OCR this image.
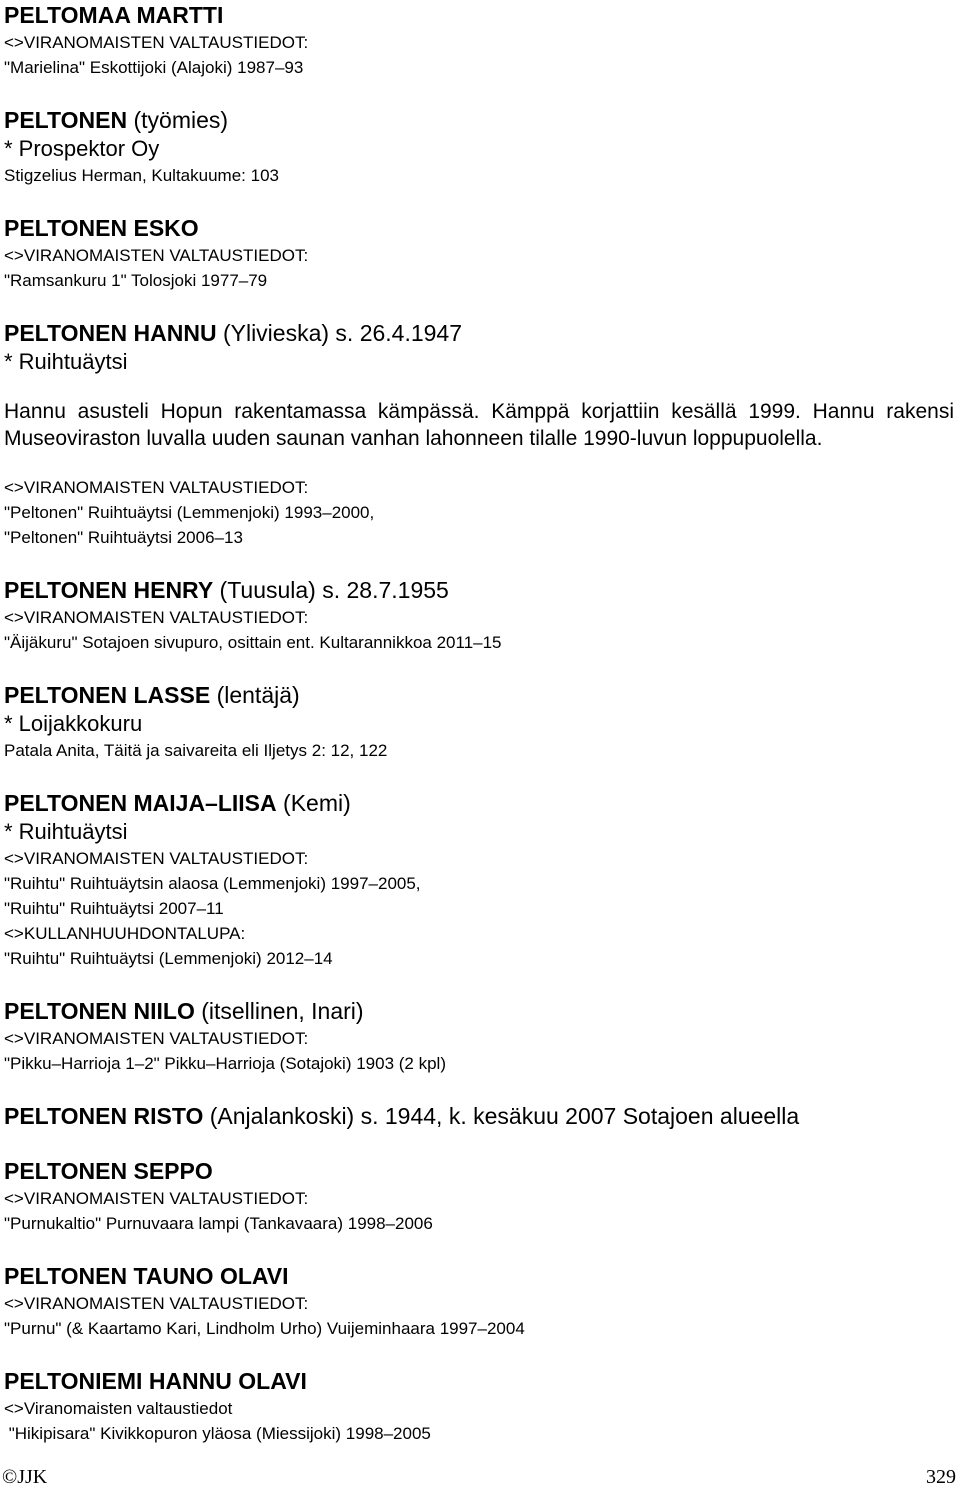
PELTOMAA MARTTI
<>VIRANOMAISTEN VALTAUSTIEDOT:
"Marielina" Eskottijoki (Alajoki) 1987–93
PELTONEN (työmies)
* Prospektor Oy
Stigzelius Herman, Kultakuume: 103
PELTONEN ESKO
<>VIRANOMAISTEN VALTAUSTIEDOT:
"Ramsankuru 1" Tolosjoki 1977–79
PELTONEN HANNU (Ylivieska) s. 26.4.1947
* Ruihtuäytsi
Hannu asusteli Hopun rakentamassa kämpässä. Kämppä korjattiin kesällä 1999. Hannu rakensi Museoviraston luvalla uuden saunan vanhan lahonneen tilalle 1990-luvun loppupuolella.
<>VIRANOMAISTEN VALTAUSTIEDOT:
"Peltonen" Ruihtuäytsi (Lemmenjoki) 1993–2000,
"Peltonen" Ruihtuäytsi 2006–13
PELTONEN HENRY (Tuusula) s. 28.7.1955
<>VIRANOMAISTEN VALTAUSTIEDOT:
"Äijäkuru" Sotajoen sivupuro, osittain ent. Kultarannikkoa 2011–15
PELTONEN LASSE (lentäjä)
* Loijakkokuru
Patala Anita, Täitä ja saivareita eli Iljetys 2: 12, 122
PELTONEN MAIJA–LIISA (Kemi)
* Ruihtuäytsi
<>VIRANOMAISTEN VALTAUSTIEDOT:
"Ruihtu" Ruihtuäytsin alaosa (Lemmenjoki) 1997–2005,
"Ruihtu" Ruihtuäytsi 2007–11
<>KULLANHUUHDONTALUPA:
"Ruihtu" Ruihtuäytsi (Lemmenjoki) 2012–14
PELTONEN NIILO (itsellinen, Inari)
<>VIRANOMAISTEN VALTAUSTIEDOT:
"Pikku–Harrioja 1–2" Pikku–Harrioja (Sotajoki) 1903 (2 kpl)
PELTONEN RISTO (Anjalankoski) s. 1944, k. kesäkuu 2007 Sotajoen alueella
PELTONEN SEPPO
<>VIRANOMAISTEN VALTAUSTIEDOT:
"Purnukaltio" Purnuvaara lampi (Tankavaara) 1998–2006
PELTONEN TAUNO OLAVI
<>VIRANOMAISTEN VALTAUSTIEDOT:
"Purnu" (& Kaartamo Kari, Lindholm Urho) Vuijeminhaara 1997–2004
PELTONIEMI HANNU OLAVI
<>Viranomaisten valtaustiedot
"Hikipisara" Kivikkopuron yläosa (Miessijoki) 1998–2005
©JJK	329
